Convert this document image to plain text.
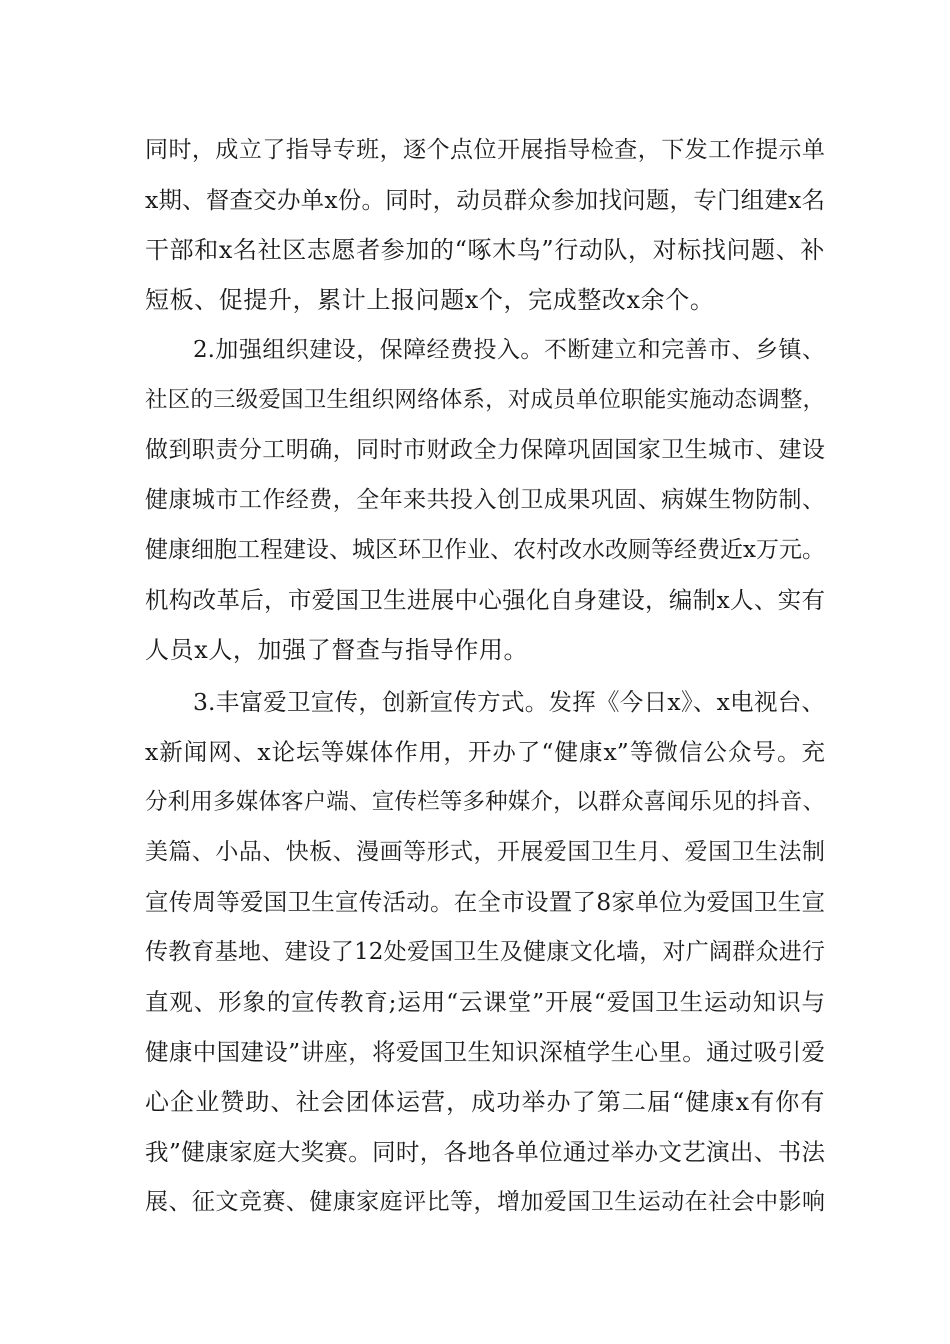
同时，成立了指导专班，逐个点位开展指导检查，下发工作提示单
x期、督查交办单x份。同时，动员群众参加找问题，专门组建x名
干部和x名社区志愿者参加的“啄木鸟”行动队，对标找问题、补
短板、促提升，累计上报问题x个，完成整改x余个。
2.加强组织建设，保障经费投入。不断建立和完善市、乡镇、
社区的三级爱国卫生组织网络体系，对成员单位职能实施动态调整，
做到职责分工明确，同时市财政全力保障巩固国家卫生城市、建设
健康城市工作经费，全年来共投入创卫成果巩固、病媒生物防制、
健康细胞工程建设、城区环卫作业、农村改水改厕等经费近x万元。
机构改革后，市爱国卫生进展中心强化自身建设，编制x人、实有
人员x人，加强了督查与指导作用。
3.丰富爱卫宣传，创新宣传方式。发挥《今日x》、x电视台、
x新闻网、x论坛等媒体作用，开办了“健康x”等微信公众号。充
分利用多媒体客户端、宣传栏等多种媒介，以群众喜闻乐见的抖音、
美篇、小品、快板、漫画等形式，开展爱国卫生月、爱国卫生法制
宣传周等爱国卫生宣传活动。在全市设置了8家单位为爱国卫生宣
传教育基地、建设了12处爱国卫生及健康文化墙，对广阔群众进行
直观、形象的宣传教育;运用“云课堂”开展“爱国卫生运动知识与
健康中国建设”讲座，将爱国卫生知识深植学生心里。通过吸引爱
心企业赞助、社会团体运营，成功举办了第二届“健康x有你有
我”健康家庭大奖赛。同时，各地各单位通过举办文艺演出、书法
展、征文竞赛、健康家庭评比等，增加爱国卫生运动在社会中影响
